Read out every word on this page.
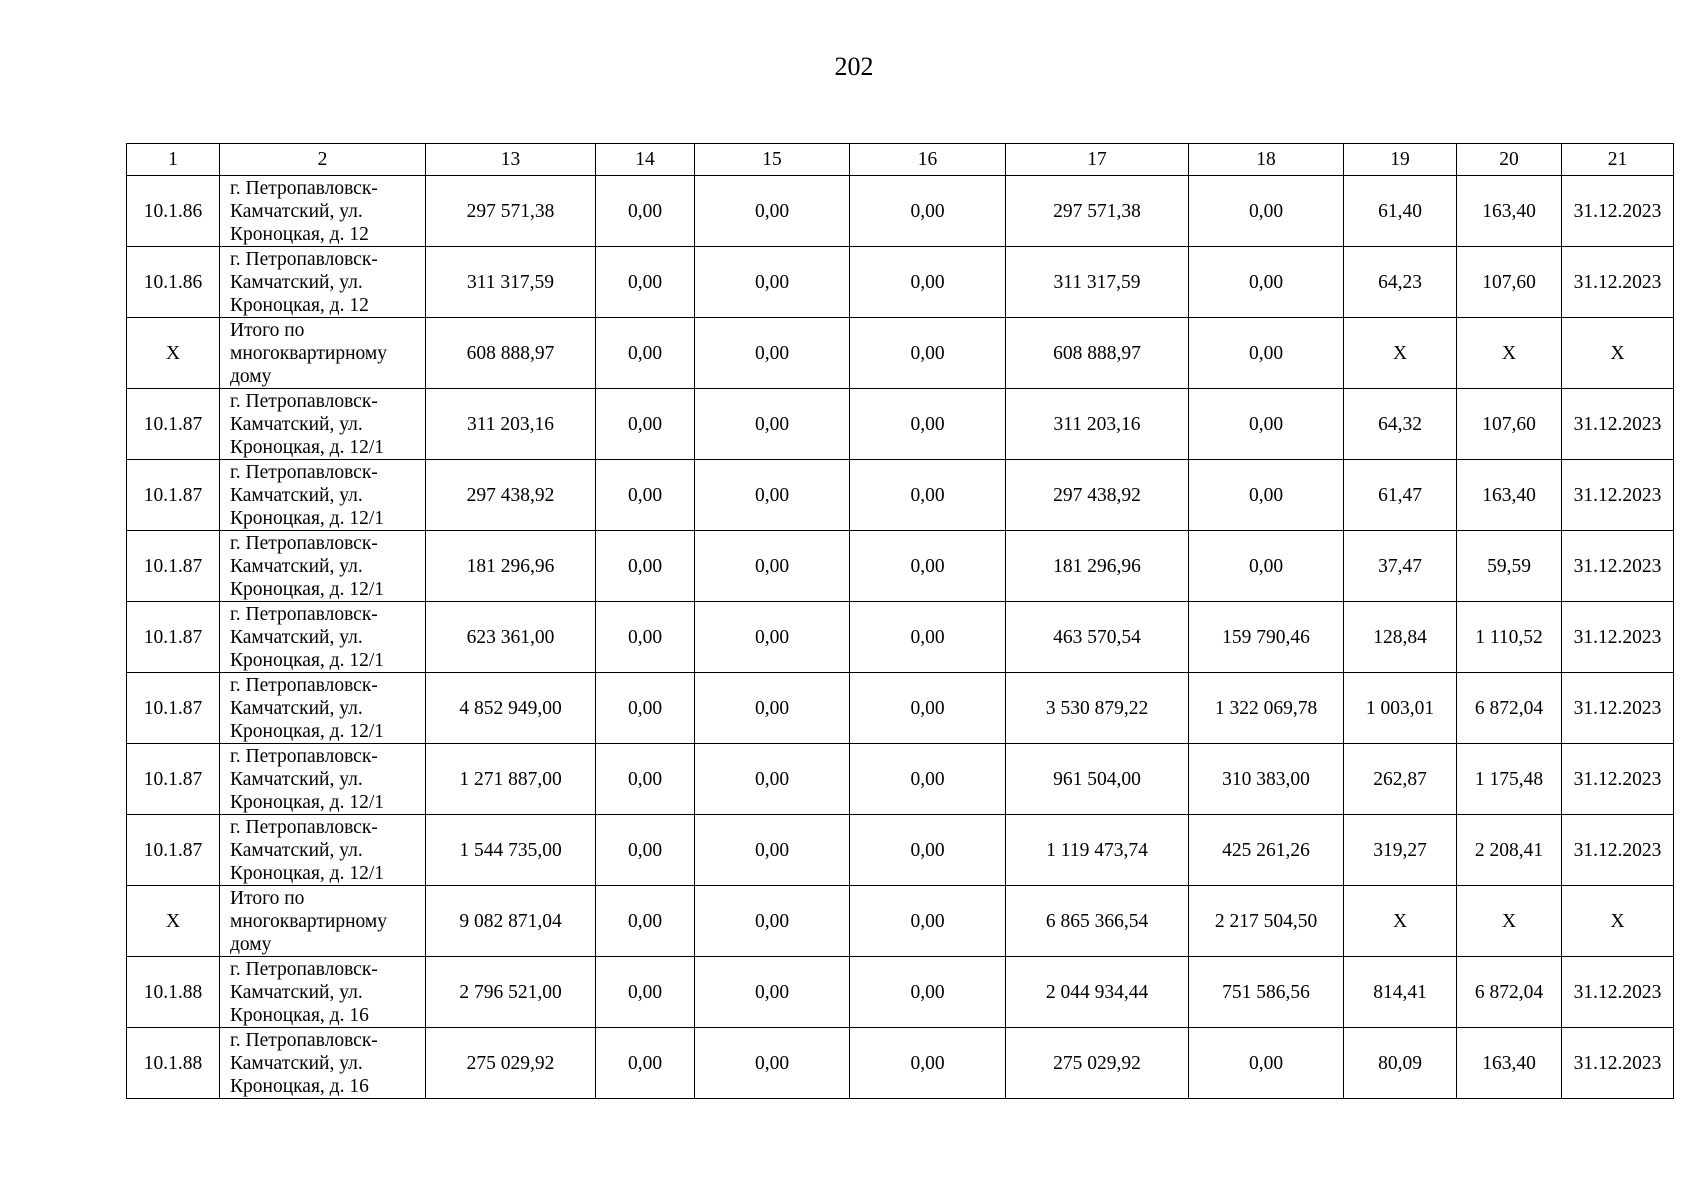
202
1	2	13	14	15	16	17	18	19	20	21
10.1.86	г. Петропавловск-
Камчатский, ул.
Кроноцкая, д. 12	297 571,38	0,00	0,00	0,00	297 571,38	0,00	61,40	163,40	31.12.2023
10.1.86	г. Петропавловск-
Камчатский, ул.
Кроноцкая, д. 12	311 317,59	0,00	0,00	0,00	311 317,59	0,00	64,23	107,60	31.12.2023
X	Итого по
многоквартирному
дому	608 888,97	0,00	0,00	0,00	608 888,97	0,00	X	X	X
10.1.87	г. Петропавловск-
Камчатский, ул.
Кроноцкая, д. 12/1	311 203,16	0,00	0,00	0,00	311 203,16	0,00	64,32	107,60	31.12.2023
10.1.87	г. Петропавловск-
Камчатский, ул.
Кроноцкая, д. 12/1	297 438,92	0,00	0,00	0,00	297 438,92	0,00	61,47	163,40	31.12.2023
10.1.87	г. Петропавловск-
Камчатский, ул.
Кроноцкая, д. 12/1	181 296,96	0,00	0,00	0,00	181 296,96	0,00	37,47	59,59	31.12.2023
10.1.87	г. Петропавловск-
Камчатский, ул.
Кроноцкая, д. 12/1	623 361,00	0,00	0,00	0,00	463 570,54	159 790,46	128,84	1 110,52	31.12.2023
10.1.87	г. Петропавловск-
Камчатский, ул.
Кроноцкая, д. 12/1	4 852 949,00	0,00	0,00	0,00	3 530 879,22	1 322 069,78	1 003,01	6 872,04	31.12.2023
10.1.87	г. Петропавловск-
Камчатский, ул.
Кроноцкая, д. 12/1	1 271 887,00	0,00	0,00	0,00	961 504,00	310 383,00	262,87	1 175,48	31.12.2023
10.1.87	г. Петропавловск-
Камчатский, ул.
Кроноцкая, д. 12/1	1 544 735,00	0,00	0,00	0,00	1 119 473,74	425 261,26	319,27	2 208,41	31.12.2023
X	Итого по
многоквартирному
дому	9 082 871,04	0,00	0,00	0,00	6 865 366,54	2 217 504,50	X	X	X
10.1.88	г. Петропавловск-
Камчатский, ул.
Кроноцкая, д. 16	2 796 521,00	0,00	0,00	0,00	2 044 934,44	751 586,56	814,41	6 872,04	31.12.2023
10.1.88	г. Петропавловск-
Камчатский, ул.
Кроноцкая, д. 16	275 029,92	0,00	0,00	0,00	275 029,92	0,00	80,09	163,40	31.12.2023
